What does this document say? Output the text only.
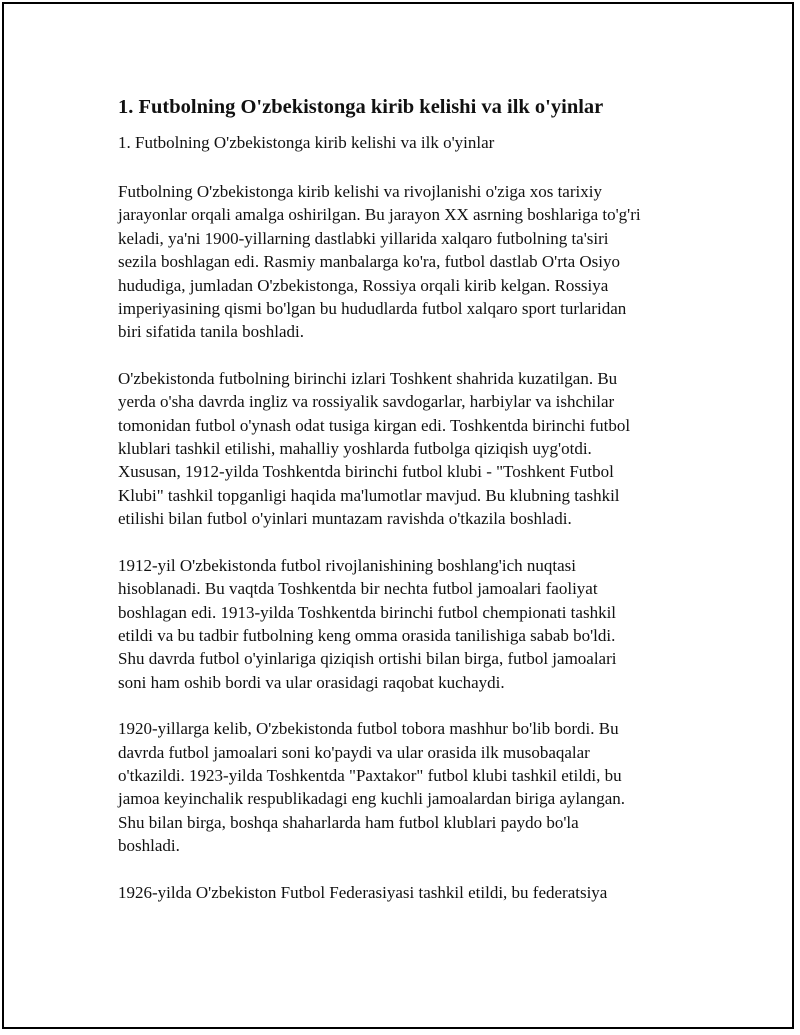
1. Futbolning O'zbekistonga kirib kelishi va ilk o'yinlar

1. Futbolning O'zbekistonga kirib kelishi va ilk o'yinlar

Futbolning O'zbekistonga kirib kelishi va rivojlanishi o'ziga xos tarixiy
jarayonlar orqali amalga oshirilgan. Bu jarayon XX asrning boshlariga to'g'ri
keladi, ya'ni 1900-yillarning dastlabki yillarida xalqaro futbolning ta'siri
sezila boshlagan edi. Rasmiy manbalarga ko'ra, futbol dastlab O'rta Osiyo
hududiga, jumladan O'zbekistonga, Rossiya orqali kirib kelgan. Rossiya
imperiyasining qismi bo'lgan bu hududlarda futbol xalqaro sport turlaridan
biri sifatida tanila boshladi.

O'zbekistonda futbolning birinchi izlari Toshkent shahrida kuzatilgan. Bu
yerda o'sha davrda ingliz va rossiyalik savdogarlar, harbiylar va ishchilar
tomonidan futbol o'ynash odat tusiga kirgan edi. Toshkentda birinchi futbol
klublari tashkil etilishi, mahalliy yoshlarda futbolga qiziqish uyg'otdi.
Xususan, 1912-yilda Toshkentda birinchi futbol klubi - "Toshkent Futbol
Klubi" tashkil topganligi haqida ma'lumotlar mavjud. Bu klubning tashkil
etilishi bilan futbol o'yinlari muntazam ravishda o'tkazila boshladi.

1912-yil O'zbekistonda futbol rivojlanishining boshlang'ich nuqtasi
hisoblanadi. Bu vaqtda Toshkentda bir nechta futbol jamoalari faoliyat
boshlagan edi. 1913-yilda Toshkentda birinchi futbol chempionati tashkil
etildi va bu tadbir futbolning keng omma orasida tanilishiga sabab bo'ldi.
Shu davrda futbol o'yinlariga qiziqish ortishi bilan birga, futbol jamoalari
soni ham oshib bordi va ular orasidagi raqobat kuchaydi.

1920-yillarga kelib, O'zbekistonda futbol tobora mashhur bo'lib bordi. Bu
davrda futbol jamoalari soni ko'paydi va ular orasida ilk musobaqalar
o'tkazildi. 1923-yilda Toshkentda "Paxtakor" futbol klubi tashkil etildi, bu
jamoa keyinchalik respublikadagi eng kuchli jamoalardan biriga aylangan.
Shu bilan birga, boshqa shaharlarda ham futbol klublari paydo bo'la
boshladi.

1926-yilda O'zbekiston Futbol Federasiyasi tashkil etildi, bu federatsiya
